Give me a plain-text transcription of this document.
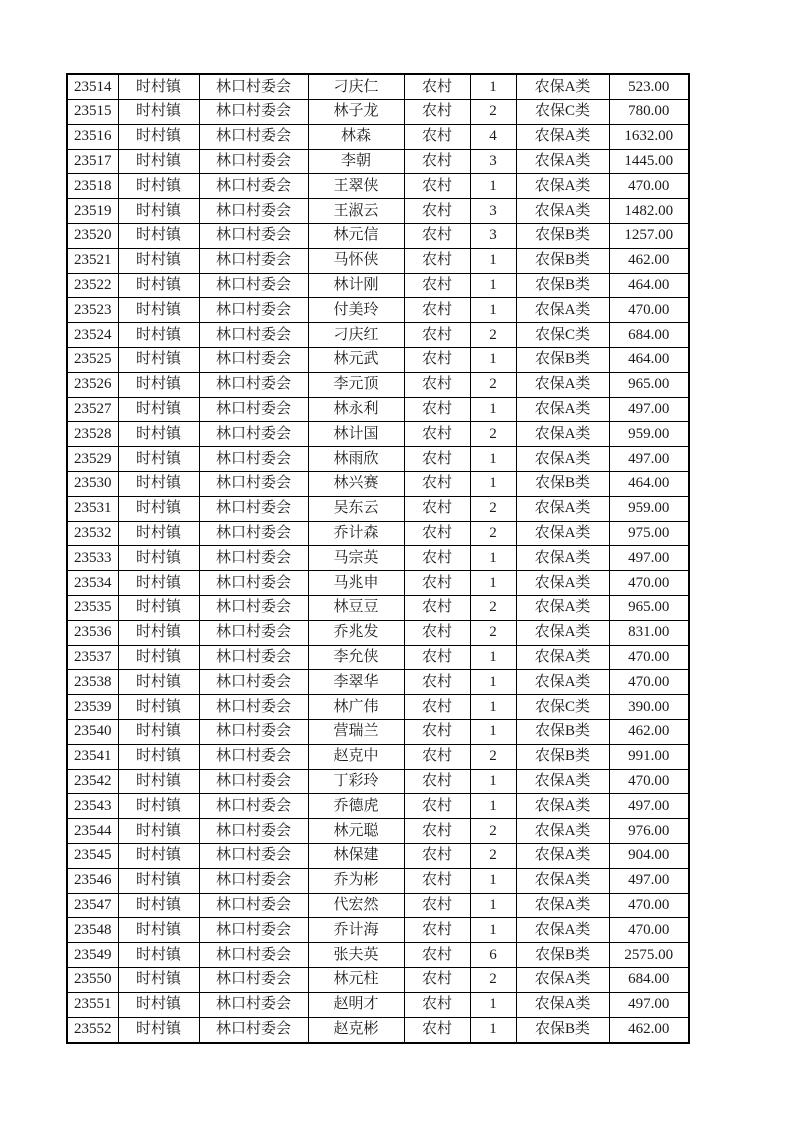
23514	时村镇	林口村委会	刁庆仁	农村	1	农保A类	523.00
23515	时村镇	林口村委会	林子龙	农村	2	农保C类	780.00
23516	时村镇	林口村委会	林森	农村	4	农保A类	1632.00
23517	时村镇	林口村委会	李朝	农村	3	农保A类	1445.00
23518	时村镇	林口村委会	王翠侠	农村	1	农保A类	470.00
23519	时村镇	林口村委会	王淑云	农村	3	农保A类	1482.00
23520	时村镇	林口村委会	林元信	农村	3	农保B类	1257.00
23521	时村镇	林口村委会	马怀侠	农村	1	农保B类	462.00
23522	时村镇	林口村委会	林计刚	农村	1	农保B类	464.00
23523	时村镇	林口村委会	付美玲	农村	1	农保A类	470.00
23524	时村镇	林口村委会	刁庆红	农村	2	农保C类	684.00
23525	时村镇	林口村委会	林元武	农村	1	农保B类	464.00
23526	时村镇	林口村委会	李元顶	农村	2	农保A类	965.00
23527	时村镇	林口村委会	林永利	农村	1	农保A类	497.00
23528	时村镇	林口村委会	林计国	农村	2	农保A类	959.00
23529	时村镇	林口村委会	林雨欣	农村	1	农保A类	497.00
23530	时村镇	林口村委会	林兴赛	农村	1	农保B类	464.00
23531	时村镇	林口村委会	吴东云	农村	2	农保A类	959.00
23532	时村镇	林口村委会	乔计森	农村	2	农保A类	975.00
23533	时村镇	林口村委会	马宗英	农村	1	农保A类	497.00
23534	时村镇	林口村委会	马兆申	农村	1	农保A类	470.00
23535	时村镇	林口村委会	林豆豆	农村	2	农保A类	965.00
23536	时村镇	林口村委会	乔兆发	农村	2	农保A类	831.00
23537	时村镇	林口村委会	李允侠	农村	1	农保A类	470.00
23538	时村镇	林口村委会	李翠华	农村	1	农保A类	470.00
23539	时村镇	林口村委会	林广伟	农村	1	农保C类	390.00
23540	时村镇	林口村委会	营瑞兰	农村	1	农保B类	462.00
23541	时村镇	林口村委会	赵克中	农村	2	农保B类	991.00
23542	时村镇	林口村委会	丁彩玲	农村	1	农保A类	470.00
23543	时村镇	林口村委会	乔德虎	农村	1	农保A类	497.00
23544	时村镇	林口村委会	林元聪	农村	2	农保A类	976.00
23545	时村镇	林口村委会	林保建	农村	2	农保A类	904.00
23546	时村镇	林口村委会	乔为彬	农村	1	农保A类	497.00
23547	时村镇	林口村委会	代宏然	农村	1	农保A类	470.00
23548	时村镇	林口村委会	乔计海	农村	1	农保A类	470.00
23549	时村镇	林口村委会	张夫英	农村	6	农保B类	2575.00
23550	时村镇	林口村委会	林元柱	农村	2	农保A类	684.00
23551	时村镇	林口村委会	赵明才	农村	1	农保A类	497.00
23552	时村镇	林口村委会	赵克彬	农村	1	农保B类	462.00
